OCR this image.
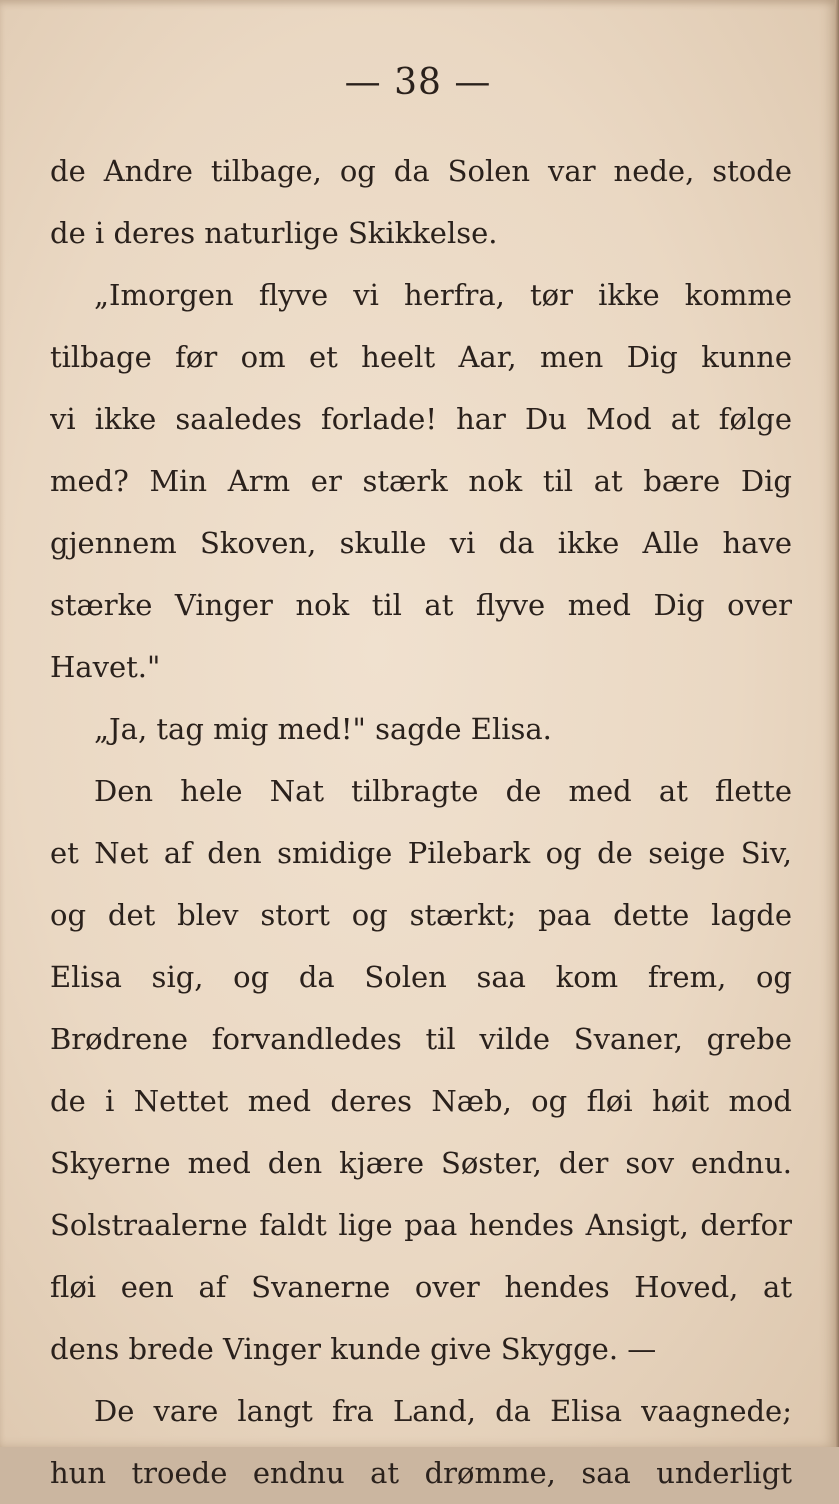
— 38 —
de Andre tilbage, og da Solen var nede, stode
de i deres naturlige Skikkelse.
„Imorgen flyve vi herfra, tør ikke komme
tilbage før om et heelt Aar, men Dig kunne
vi ikke saaledes forlade! har Du Mod at følge
med? Min Arm er stærk nok til at bære Dig
gjennem Skoven, skulle vi da ikke Alle have
stærke Vinger nok til at flyve med Dig over
Havet."
„Ja, tag mig med!" sagde Elisa.
Den hele Nat tilbragte de med at flette
et Net af den smidige Pilebark og de seige Siv,
og det blev stort og stærkt; paa dette lagde
Elisa sig, og da Solen saa kom frem, og
Brødrene forvandledes til vilde Svaner, grebe
de i Nettet med deres Næb, og fløi høit mod
Skyerne med den kjære Søster, der sov endnu.
Solstraalerne faldt lige paa hendes Ansigt, derfor
fløi een af Svanerne over hendes Hoved, at
dens brede Vinger kunde give Skygge. —
De vare langt fra Land, da Elisa vaagnede;
hun troede endnu at drømme, saa underligt
